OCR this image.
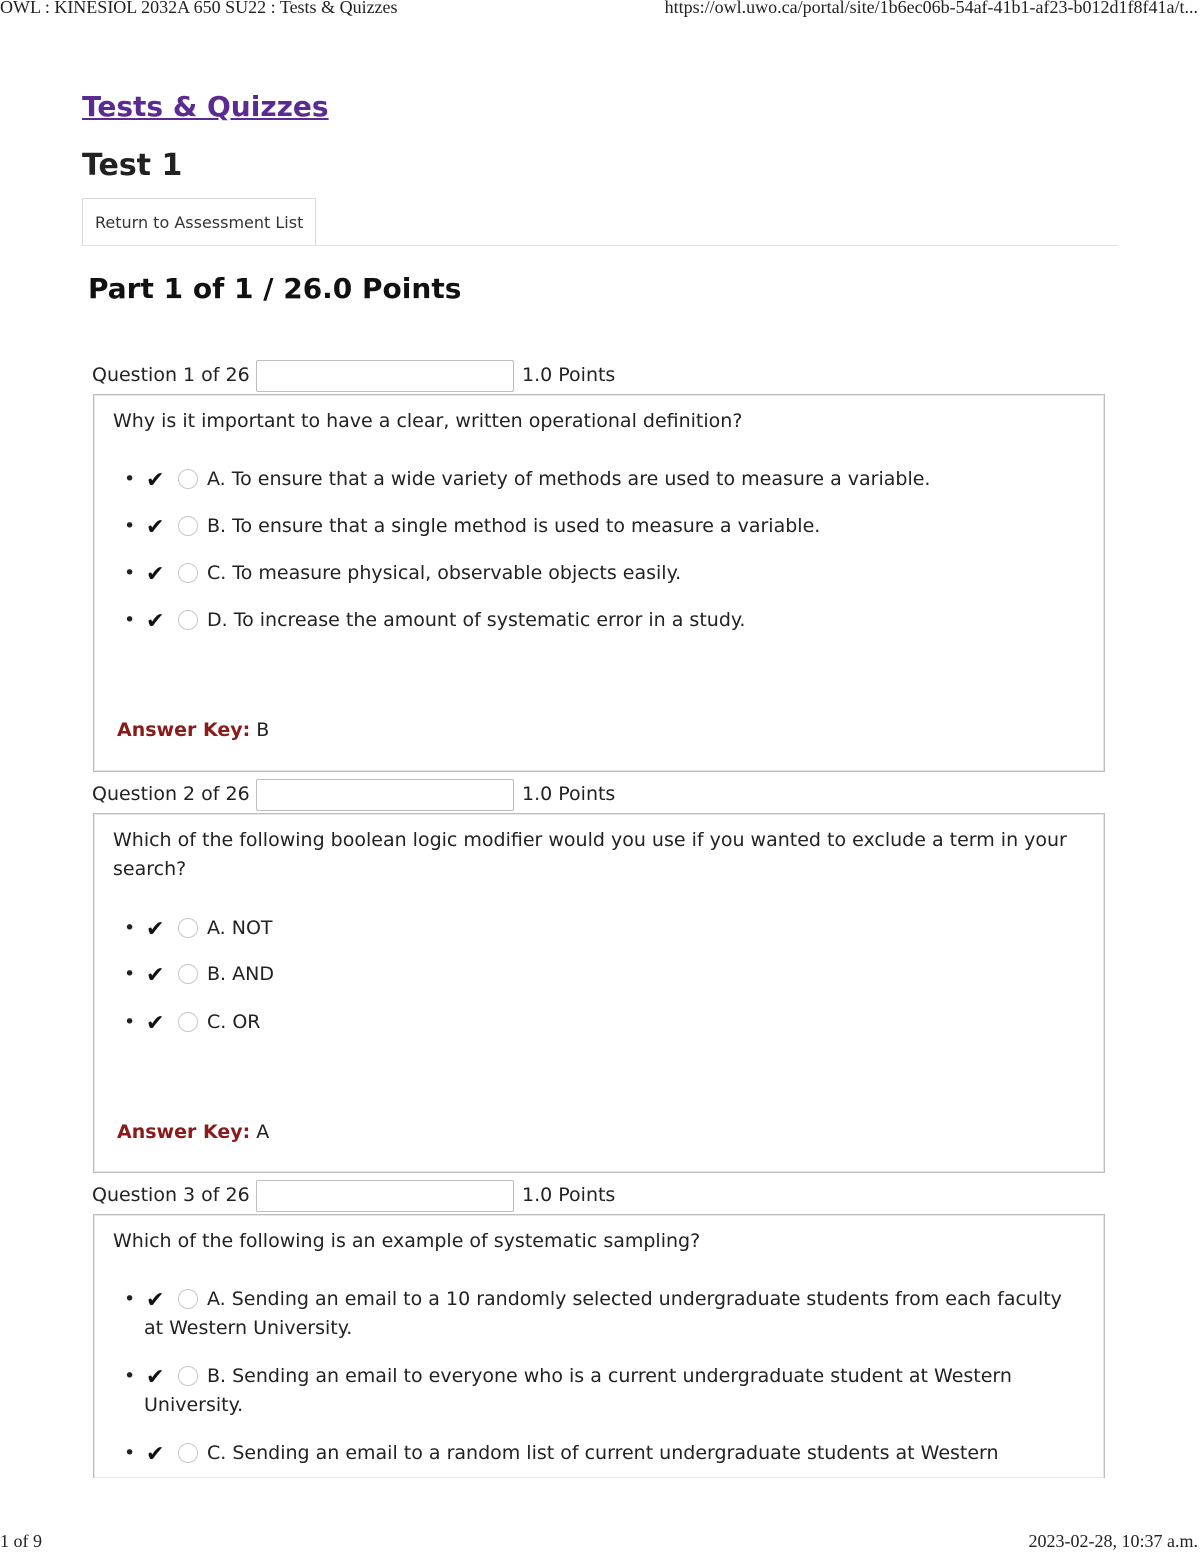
OWL : KINESIOL 2032A 650 SU22 : Tests & Quizzes	https://owl.uwo.ca/portal/site/1b6ec06b-54af-41b1-af23-b012d1f8f41a/t...
Tests & Quizzes
Test 1
Return to Assessment List
Part 1 of 1 / 26.0 Points
Question 1 of 26	1.0 Points
Why is it important to have a clear, written operational definition?
• ✔	A. To ensure that a wide variety of methods are used to measure a variable.
• ✔	B. To ensure that a single method is used to measure a variable.
• ✔	C. To measure physical, observable objects easily.
• ✔	D. To increase the amount of systematic error in a study.
Answer Key: B
Question 2 of 26	1.0 Points
Which of the following boolean logic modifier would you use if you wanted to exclude a term in your search?
• ✔	A. NOT
• ✔	B. AND
• ✔	C. OR
Answer Key: A
Question 3 of 26	1.0 Points
Which of the following is an example of systematic sampling?
• ✔	A. Sending an email to a 10 randomly selected undergraduate students from each faculty at Western University.
• ✔	B. Sending an email to everyone who is a current undergraduate student at Western University.
• ✔	C. Sending an email to a random list of current undergraduate students at Western
1 of 9	2023-02-28, 10:37 a.m.
